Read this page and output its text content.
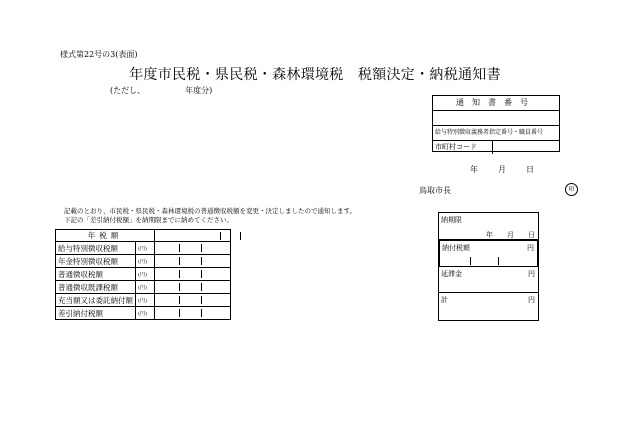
様式第22号の3(表面)
年度市民税・県民税・森林環境税　税額決定・納税通知書
(ただし、	年度分)
通知書番号
給与特別徴収義務者指定番号・職員番号
市町村コード
年	月	日
鳥取市長	印
記載のとおり、市民税・県民税・森林環境税の普通徴収税額を変更・決定しましたので通知します。
下記の「差引納付税額」を納期限までに納めてください。
年税額		

給与特別徴収税額	(円)	

年金特別徴収税額	(円)	

普通徴収税額	(円)	

普通徴収既課税額	(円)	

充当額又は委託納付額	(円)	

差引納付税額	(円)	
納期限
年 月 日
納付税額	円
延滞金	円
計	円
